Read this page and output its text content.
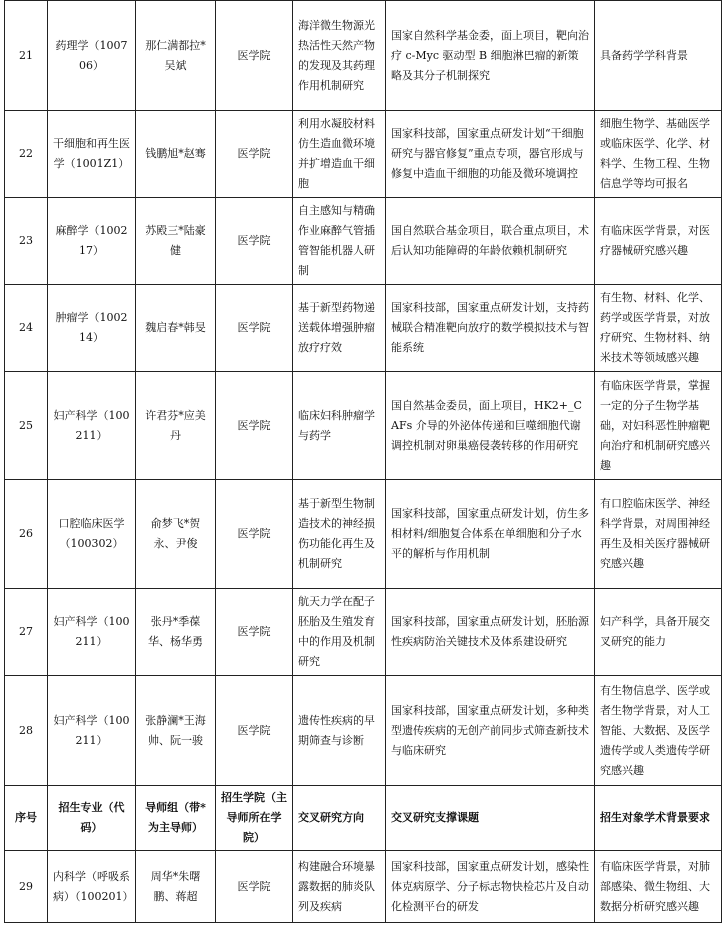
21	药理学（100706）	那仁满都拉*吴斌	医学院	海洋微生物源光热活性天然产物的发现及其药理作用机制研究	国家自然科学基金委，面上项目，靶向治疗 c-Myc 驱动型 B 细胞淋巴瘤的新策略及其分子机制探究	具备药学学科背景
22	干细胞和再生医学（1001Z1）	钱鹏旭*赵骞	医学院	利用水凝胶材料仿生造血微环境并扩增造血干细胞	国家科技部，国家重点研发计划“干细胞研究与器官修复”重点专项，器官形成与修复中造血干细胞的功能及微环境调控	细胞生物学、基础医学或临床医学、化学、材料学、生物工程、生物信息学等均可报名
23	麻醉学（100217）	苏殿三*陆豪健	医学院	自主感知与精确作业麻醉气管插管智能机器人研制	国自然联合基金项目，联合重点项目，术后认知功能障碍的年龄依赖机制研究	有临床医学背景，对医疗器械研究感兴趣
24	肿瘤学（100214）	魏启春*韩旻	医学院	基于新型药物递送载体增强肿瘤放疗疗效	国家科技部，国家重点研发计划，支持药械联合精准靶向放疗的数学模拟技术与智能系统	有生物、材料、化学、药学或医学背景，对放疗研究、生物材料、纳米技术等领域感兴趣
25	妇产科学（100211）	许君芬*应美丹	医学院	临床妇科肿瘤学与药学	国自然基金委员，面上项目，HK2+_CAFs 介导的外泌体传递和巨噬细胞代谢调控机制对卵巢癌侵袭转移的作用研究	有临床医学背景，掌握一定的分子生物学基础，对妇科恶性肿瘤靶向治疗和机制研究感兴趣
26	口腔临床医学（100302）	俞梦飞*贺永、尹俊	医学院	基于新型生物制造技术的神经损伤功能化再生及机制研究	国家科技部，国家重点研发计划，仿生多相材料/细胞复合体系在单细胞和分子水平的解析与作用机制	有口腔临床医学、神经科学背景，对周围神经再生及相关医疗器械研究感兴趣
27	妇产科学（100211）	张丹*季葆华、杨华勇	医学院	航天力学在配子胚胎及生殖发育中的作用及机制研究	国家科技部，国家重点研发计划，胚胎源性疾病防治关键技术及体系建设研究	妇产科学，具备开展交叉研究的能力
28	妇产科学（100211）	张静澜*王海帅、阮一骏	医学院	遗传性疾病的早期筛查与诊断	国家科技部，国家重点研发计划，多种类型遗传疾病的无创产前同步式筛查新技术与临床研究	有生物信息学、医学或者生物学背景，对人工智能、大数据、及医学遗传学或人类遗传学研究感兴趣
序号	招生专业（代码）	导师组（带*为主导师）	招生学院（主导师所在学院）	交叉研究方向	交叉研究支撑课题	招生对象学术背景要求
29	内科学（呼吸系病）（100201）	周华*朱曙鹏、蒋超	医学院	构建融合环境暴露数据的肺炎队列及疾病	国家科技部，国家重点研发计划，感染性体克病原学、分子标志物快检芯片及自动化检测平台的研发	有临床医学背景，对肺部感染、微生物组、大数据分析研究感兴趣
